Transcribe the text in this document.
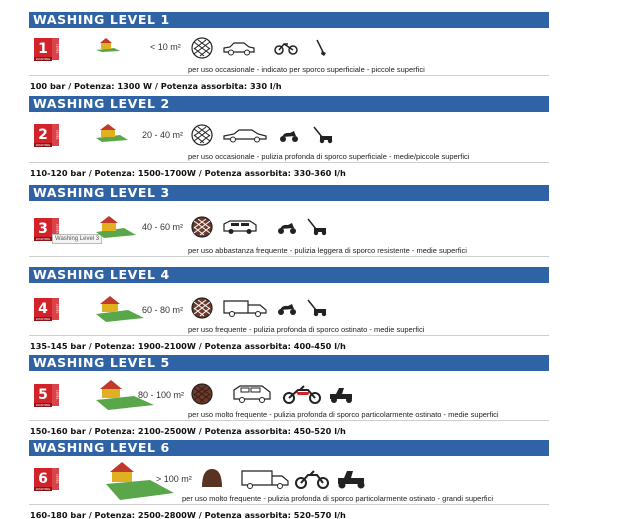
WASHING LEVEL 1
1
WASHING
LEVEL	< 10 m²
per uso occasionale - indicato per sporco superficiale - piccole superfici
100 bar / Potenza: 1300 W / Potenza assorbita: 330 l/h
WASHING LEVEL 2
2
WASHING
LEVEL	20 - 40 m²
per uso occasionale - pulizia profonda di sporco superficiale - medie/piccole superfici
110-120 bar / Potenza: 1500-1700W / Potenza assorbita: 330-360 l/h
WASHING LEVEL 3
3
WASHING
LEVEL
Washing Level 3
40 - 60 m²
per uso abbastanza frequente - pulizia leggera di sporco resistente - medie superfici
WASHING LEVEL 4
4
WASHING
LEVEL	60 - 80 m²
per uso frequente - pulizia profonda di sporco ostinato - medie superfici
135-145 bar / Potenza: 1900-2100W / Potenza assorbita: 400-450 l/h
WASHING LEVEL 5
5
WASHING
LEVEL	80 - 100 m²
per uso molto frequente - pulizia profonda di sporco particolarmente ostinato - medie superfici
150-160 bar / Potenza: 2100-2500W / Potenza assorbita: 450-520 l/h
WASHING LEVEL 6
6
WASHING
LEVEL	> 100 m²
per uso molto frequente - pulizia profonda di sporco particolarmente ostinato - grandi superfici
160-180 bar / Potenza: 2500-2800W / Potenza assorbita: 520-570 l/h
